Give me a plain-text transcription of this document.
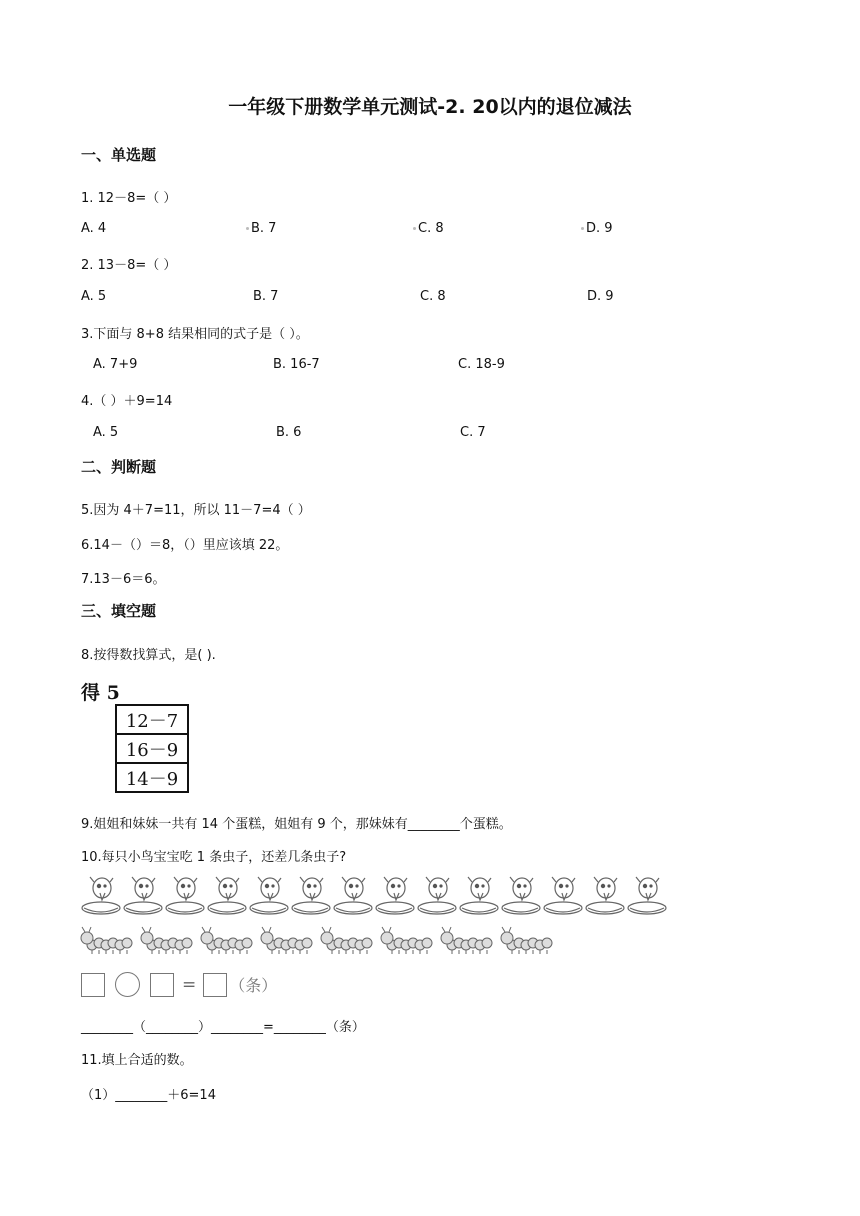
一年级下册数学单元测试-2. 20以内的退位减法
一、单选题
1. 12－8=（ ）
A. 4	B. 7	C. 8	D. 9
2. 13－8=（ ）
A. 5	B. 7	C. 8	D. 9
3.下面与 8+8 结果相同的式子是（ ）。
A. 7+9	B. 16-7	C. 18-9
4.（ ）＋9=14
A. 5	B. 6	C. 7
二、判断题
5.因为 4＋7=11，所以 11－7=4（ ）
6.14－（）＝8，（）里应该填 22。
7.13－6＝6。
三、填空题
8.按得数找算式，是( ).
得 5
12－7
16－9
14－9
9.姐姐和妹妹一共有 14 个蛋糕，姐姐有 9 个，那妹妹有________个蛋糕。
10.每只小鸟宝宝吃 1 条虫子，还差几条虫子?
= （条）
________（________）________=________（条）
11.填上合适的数。
（1）________＋6=14
